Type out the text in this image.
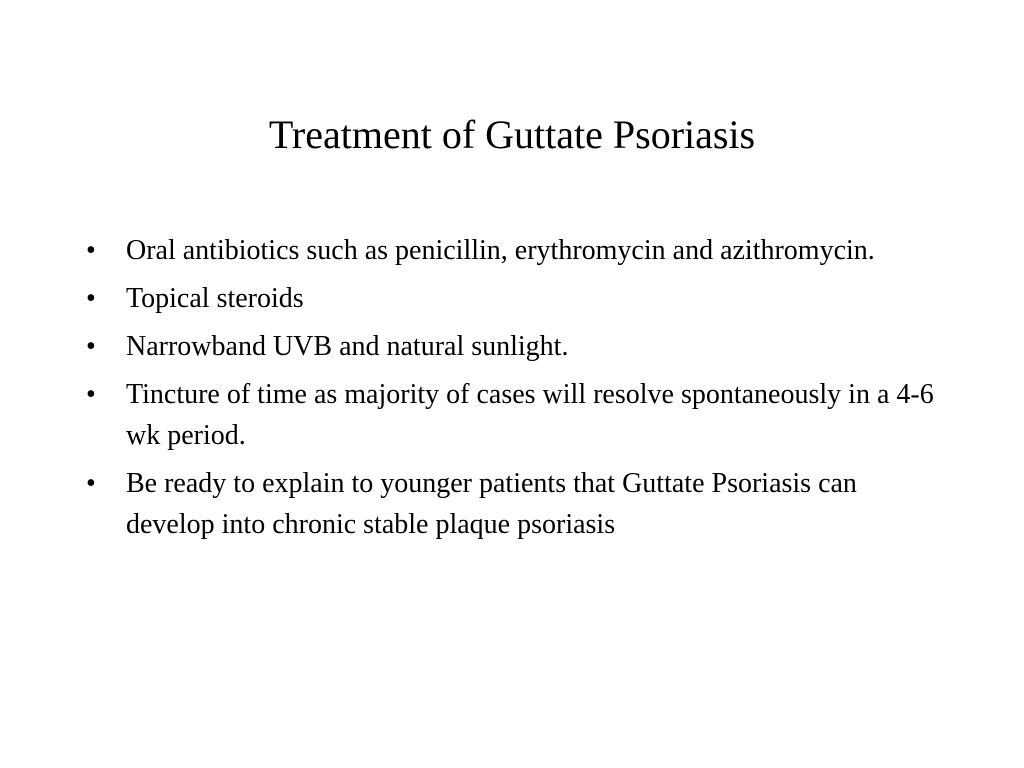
Treatment of Guttate Psoriasis
•	Oral antibiotics such as penicillin, erythromycin and azithromycin.
•	Topical steroids
•	Narrowband UVB and natural sunlight.
•	Tincture of time as majority of cases will resolve spontaneously in a 4-6 wk period.
•	Be ready to explain to younger patients that Guttate Psoriasis can develop into chronic stable plaque psoriasis
